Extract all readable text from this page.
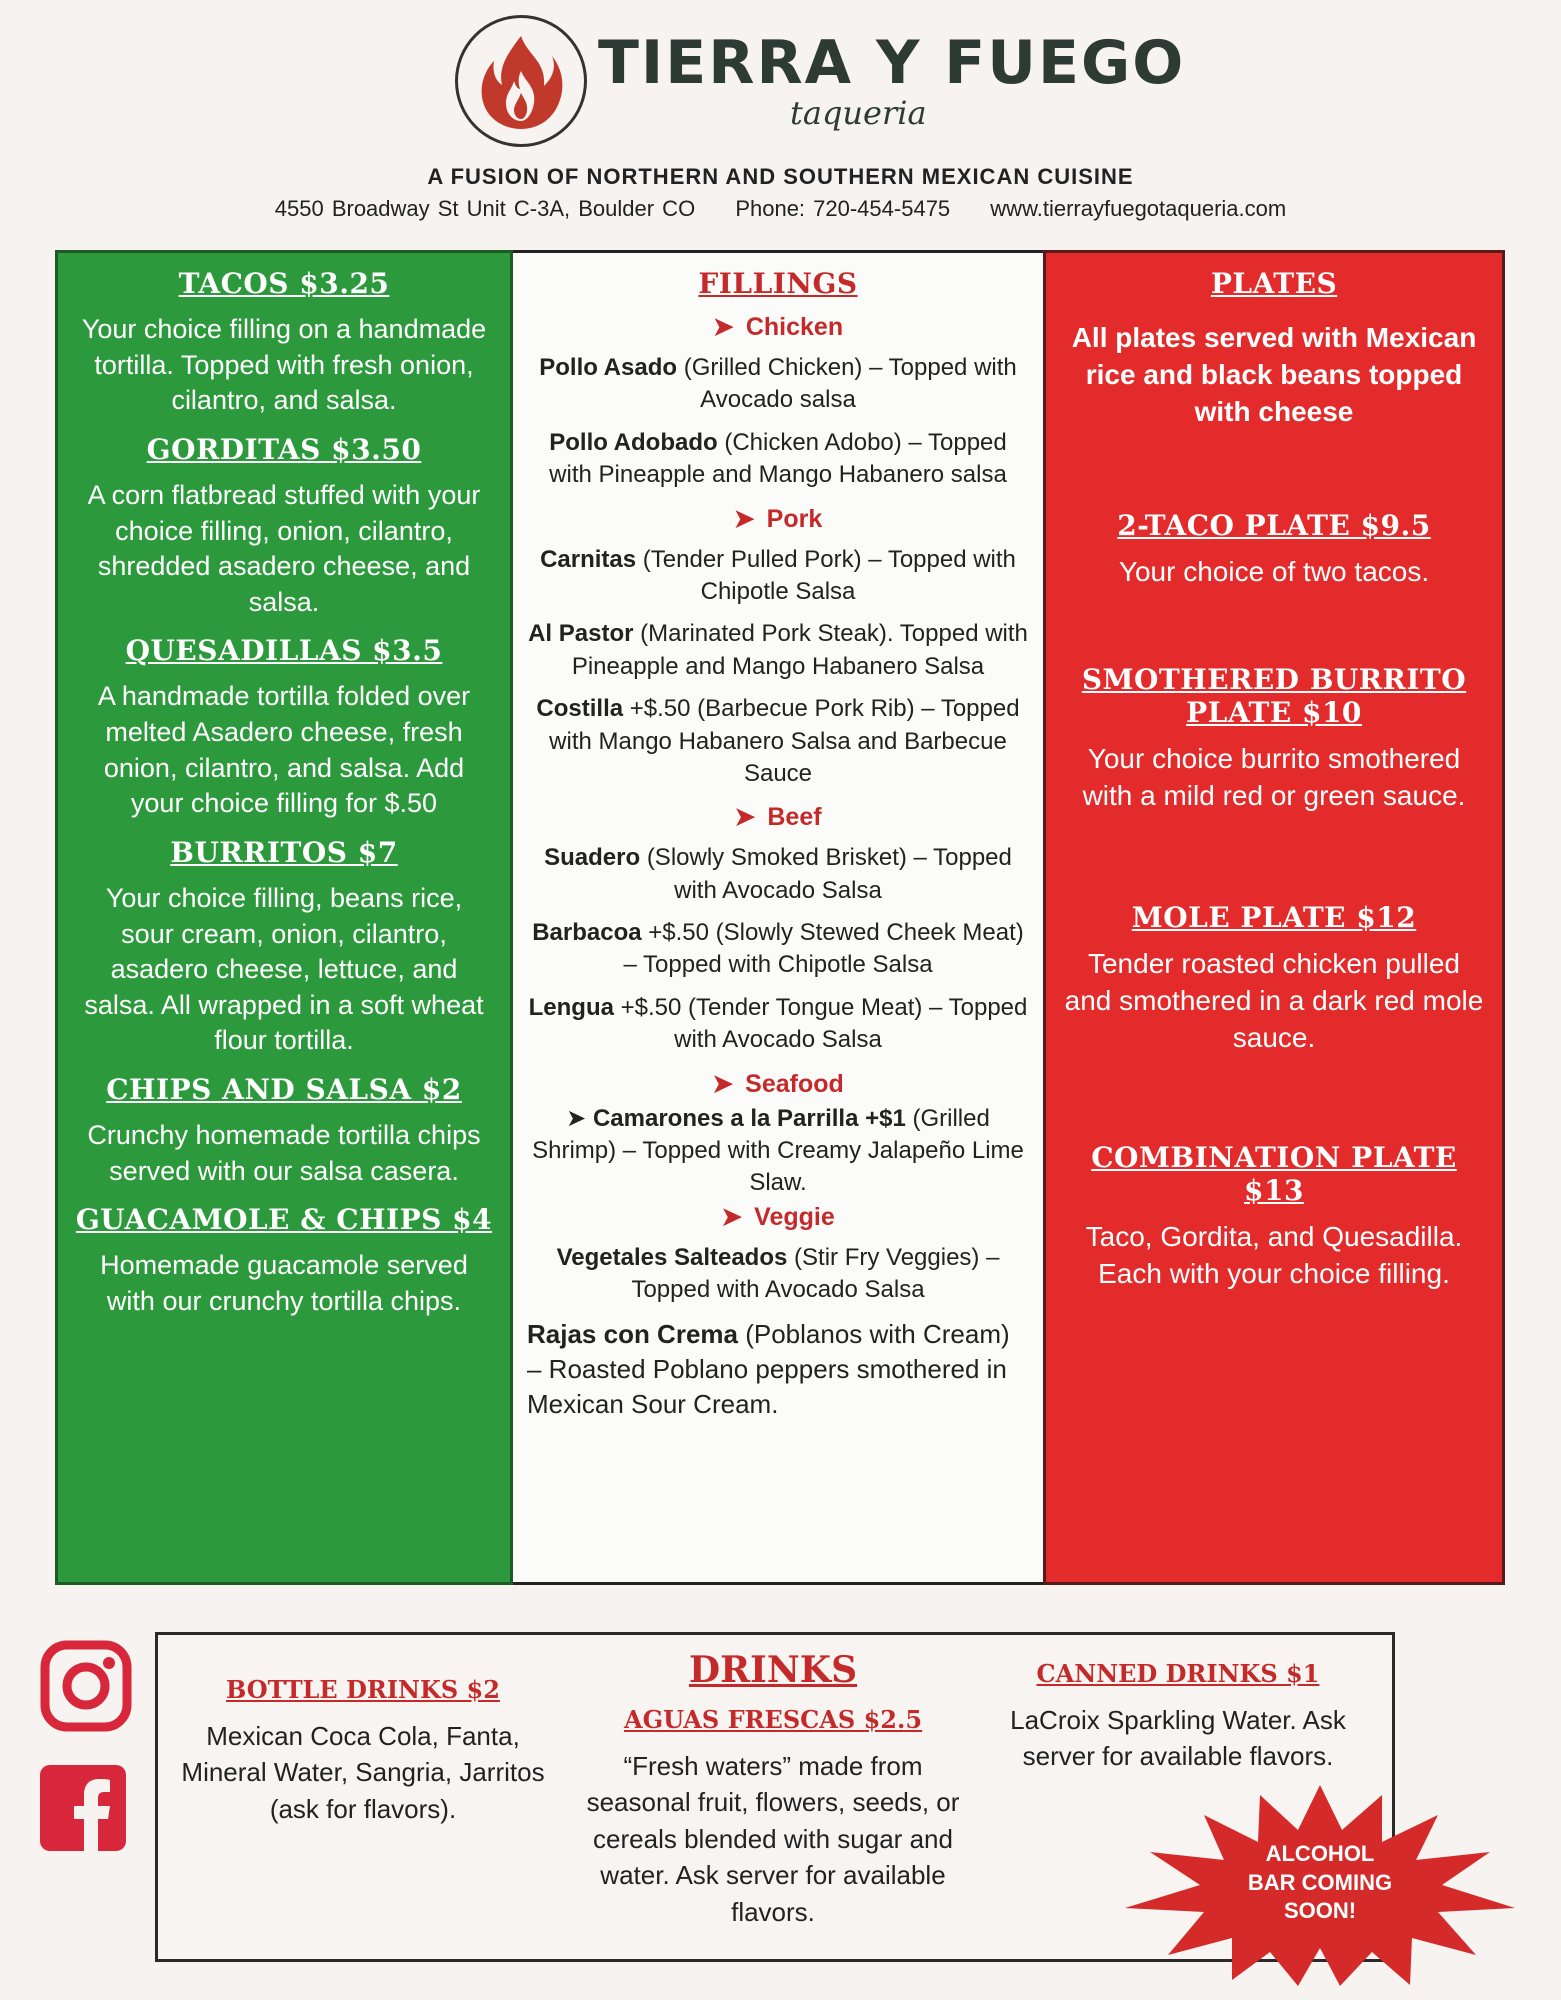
TIERRA Y FUEGO
taqueria
A FUSION OF NORTHERN AND SOUTHERN MEXICAN CUISINE
4550 Broadway St Unit C-3A, Boulder CO Phone: 720-454-5475 www.tierrayfuegotaqueria.com
TACOS $3.25
Your choice filling on a handmade tortilla. Topped with fresh onion, cilantro, and salsa.
GORDITAS $3.50
A corn flatbread stuffed with your choice filling, onion, cilantro, shredded asadero cheese, and salsa.
QUESADILLAS $3.5
A handmade tortilla folded over melted Asadero cheese, fresh onion, cilantro, and salsa. Add your choice filling for $.50
BURRITOS $7
Your choice filling, beans rice, sour cream, onion, cilantro, asadero cheese, lettuce, and salsa. All wrapped in a soft wheat flour tortilla.
CHIPS AND SALSA $2
Crunchy homemade tortilla chips served with our salsa casera.
GUACAMOLE & CHIPS $4
Homemade guacamole served with our crunchy tortilla chips.
FILLINGS
➤ Chicken
Pollo Asado (Grilled Chicken) – Topped with Avocado salsa
Pollo Adobado (Chicken Adobo) – Topped with Pineapple and Mango Habanero salsa
➤ Pork
Carnitas (Tender Pulled Pork) – Topped with Chipotle Salsa
Al Pastor (Marinated Pork Steak). Topped with Pineapple and Mango Habanero Salsa
Costilla +$.50 (Barbecue Pork Rib) – Topped with Mango Habanero Salsa and Barbecue Sauce
➤ Beef
Suadero (Slowly Smoked Brisket) – Topped with Avocado Salsa
Barbacoa +$.50 (Slowly Stewed Cheek Meat) – Topped with Chipotle Salsa
Lengua +$.50 (Tender Tongue Meat) – Topped with Avocado Salsa
➤ Seafood
➤ Camarones a la Parrilla +$1 (Grilled Shrimp) – Topped with Creamy Jalapeño Lime Slaw.
➤ Veggie
Vegetales Salteados (Stir Fry Veggies) – Topped with Avocado Salsa
Rajas con Crema (Poblanos with Cream) – Roasted Poblano peppers smothered in Mexican Sour Cream.
PLATES
All plates served with Mexican rice and black beans topped with cheese
2-TACO PLATE $9.5
Your choice of two tacos.
SMOTHERED BURRITO PLATE $10
Your choice burrito smothered with a mild red or green sauce.
MOLE PLATE $12
Tender roasted chicken pulled and smothered in a dark red mole sauce.
COMBINATION PLATE $13
Taco, Gordita, and Quesadilla. Each with your choice filling.
BOTTLE DRINKS $2
Mexican Coca Cola, Fanta, Mineral Water, Sangria, Jarritos (ask for flavors).
DRINKS
AGUAS FRESCAS $2.5
“Fresh waters” made from seasonal fruit, flowers, seeds, or cereals blended with sugar and water. Ask server for available flavors.
CANNED DRINKS $1
LaCroix Sparkling Water. Ask server for available flavors.
ALCOHOL
BAR COMING
SOON!
